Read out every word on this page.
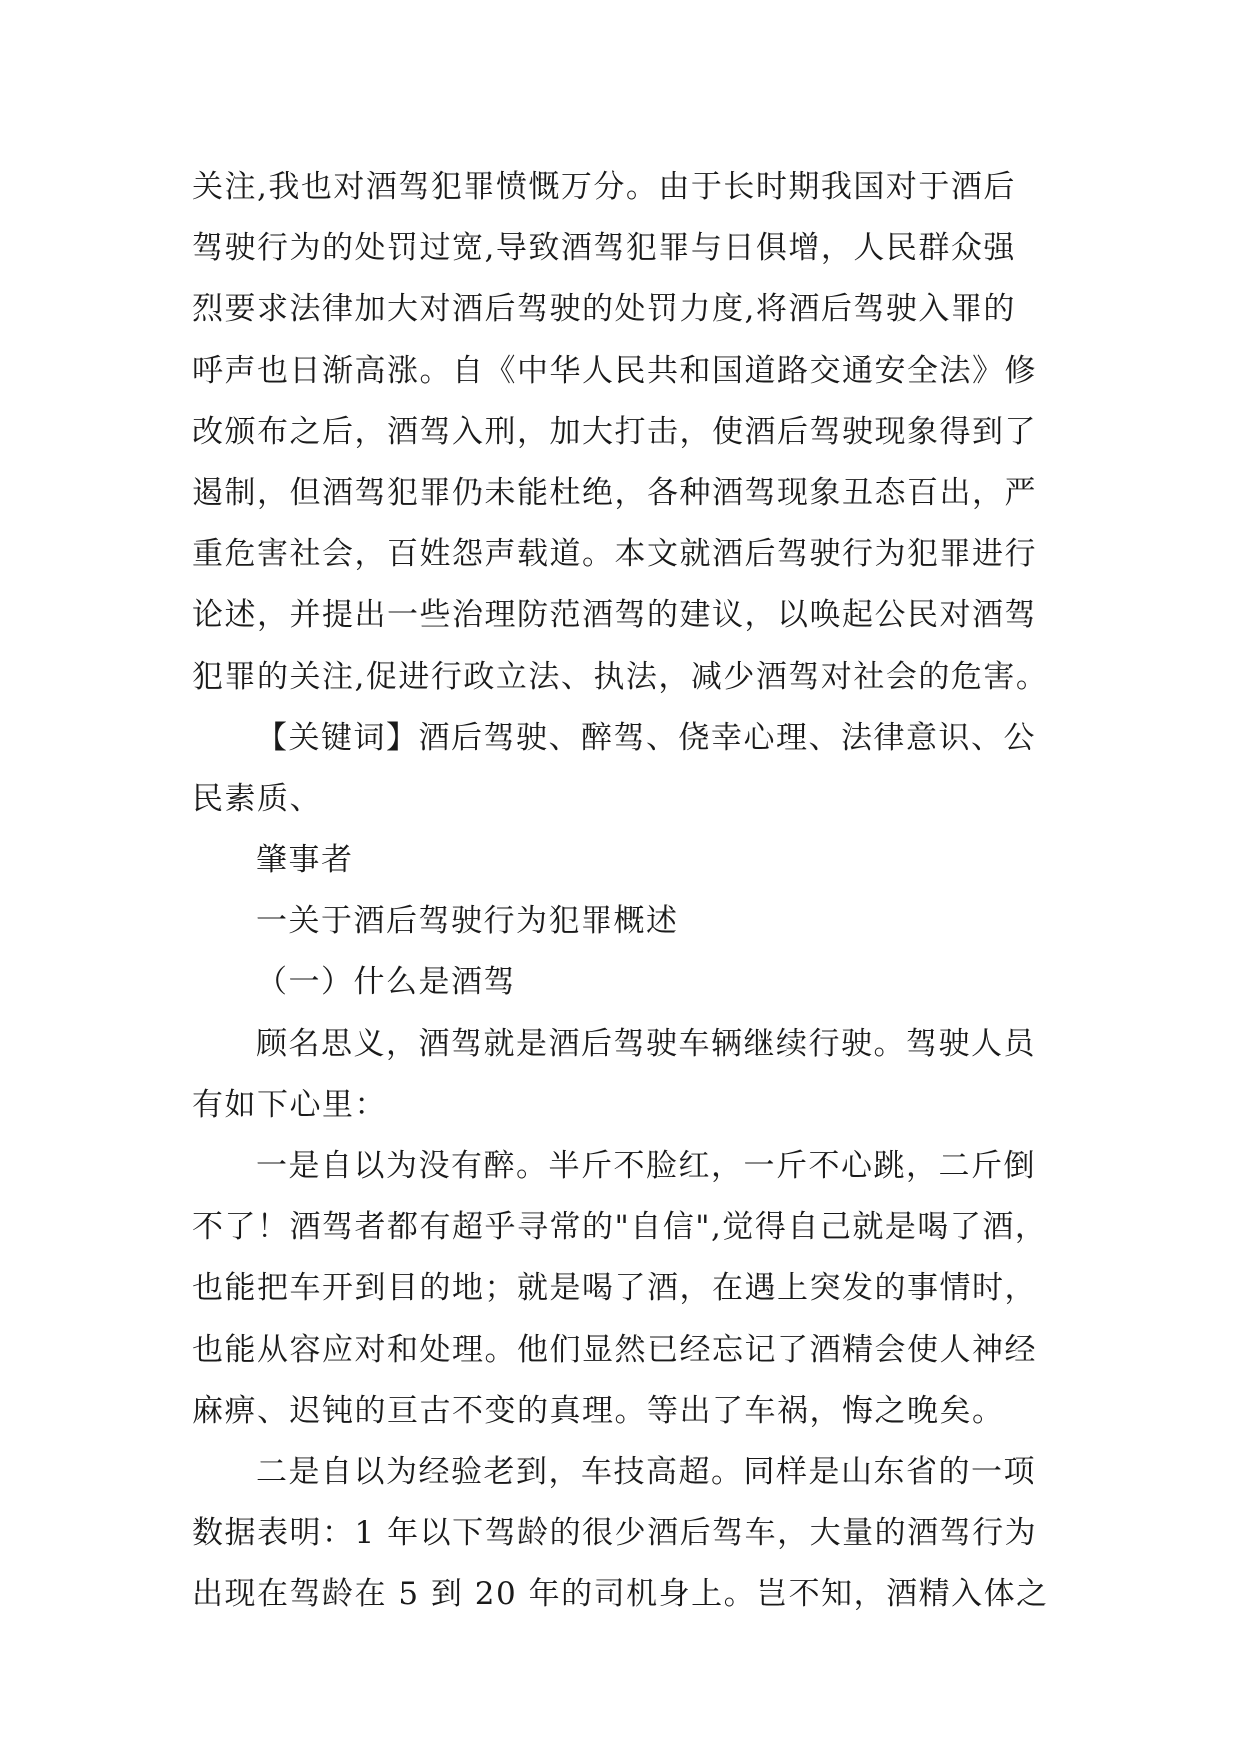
关注,我也对酒驾犯罪愤慨万分。由于长时期我国对于酒后
驾驶行为的处罚过宽,导致酒驾犯罪与日俱增，人民群众强
烈要求法律加大对酒后驾驶的处罚力度,将酒后驾驶入罪的
呼声也日渐高涨。自《中华人民共和国道路交通安全法》修
改颁布之后，酒驾入刑，加大打击，使酒后驾驶现象得到了
遏制，但酒驾犯罪仍未能杜绝，各种酒驾现象丑态百出，严
重危害社会，百姓怨声载道。本文就酒后驾驶行为犯罪进行
论述，并提出一些治理防范酒驾的建议，以唤起公民对酒驾
犯罪的关注,促进行政立法、执法，减少酒驾对社会的危害。
【关键词】酒后驾驶、醉驾、侥幸心理、法律意识、公
民素质、
肇事者
一关于酒后驾驶行为犯罪概述
（一）什么是酒驾
顾名思义，酒驾就是酒后驾驶车辆继续行驶。驾驶人员
有如下心里：
一是自以为没有醉。半斤不脸红，一斤不心跳，二斤倒
不了！酒驾者都有超乎寻常的"自信",觉得自己就是喝了酒，
也能把车开到目的地；就是喝了酒，在遇上突发的事情时，
也能从容应对和处理。他们显然已经忘记了酒精会使人神经
麻痹、迟钝的亘古不变的真理。等出了车祸，悔之晚矣。
二是自以为经验老到，车技高超。同样是山东省的一项
数据表明：1 年以下驾龄的很少酒后驾车，大量的酒驾行为
出现在驾龄在 5 到 20 年的司机身上。岂不知，酒精入体之
